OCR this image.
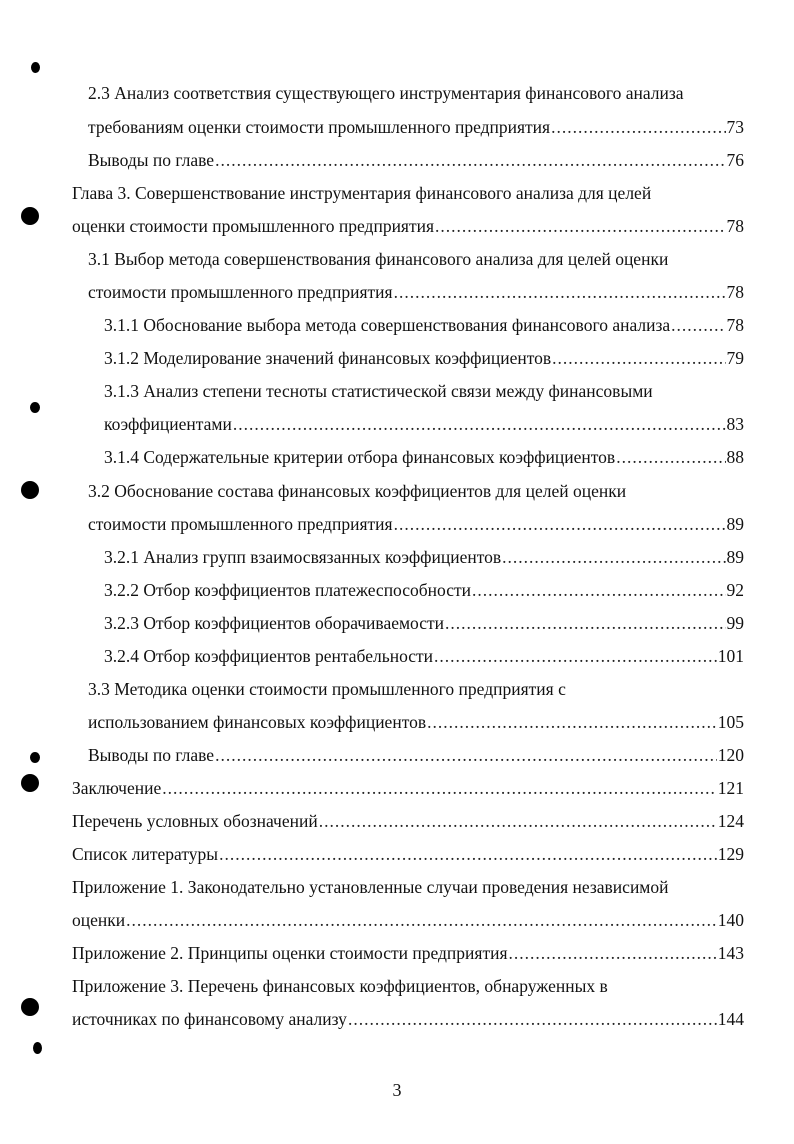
2.3 Анализ соответствия существующего инструментария финансового анализа
требованиям оценки стоимости промышленного предприятия .....	73
Выводы по главе .....	76
Глава 3. Совершенствование инструментария финансового анализа для целей
оценки стоимости промышленного предприятия .....	78
3.1 Выбор метода совершенствования финансового анализа для целей оценки
стоимости промышленного предприятия .....	78
3.1.1 Обоснование выбора метода совершенствования финансового анализа .....	78
3.1.2 Моделирование значений финансовых коэффициентов .....	79
3.1.3 Анализ степени тесноты статистической связи между финансовыми
коэффициентами .....	83
3.1.4 Содержательные критерии отбора финансовых коэффициентов .....	88
3.2 Обоснование состава финансовых коэффициентов для целей оценки
стоимости промышленного предприятия .....	89
3.2.1 Анализ групп взаимосвязанных коэффициентов .....	89
3.2.2 Отбор коэффициентов платежеспособности .....	92
3.2.3 Отбор коэффициентов оборачиваемости .....	99
3.2.4 Отбор коэффициентов рентабельности .....	101
3.3 Методика оценки стоимости промышленного предприятия с
использованием финансовых коэффициентов .....	105
Выводы по главе .....	120
Заключение .....	121
Перечень условных обозначений .....	124
Список литературы .....	129
Приложение 1. Законодательно установленные случаи проведения независимой
оценки .....	140
Приложение 2. Принципы оценки стоимости предприятия .....	143
Приложение 3. Перечень финансовых коэффициентов, обнаруженных в
источниках по финансовому анализу .....	144
3
